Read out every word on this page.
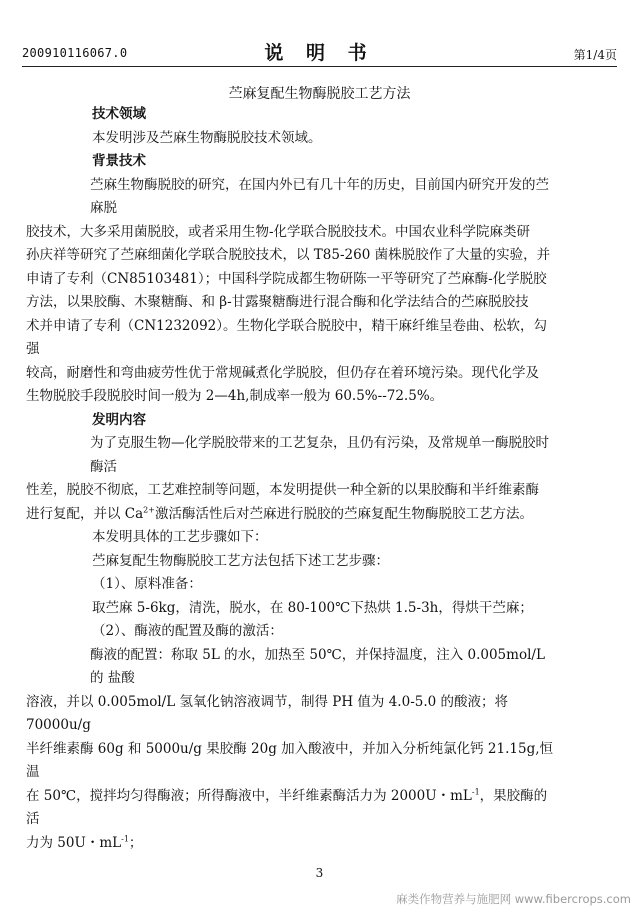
200910116067.0	说 明 书	第1/4页
苎麻复配生物酶脱胶工艺方法

技术领域

本发明涉及苎麻生物酶脱胶技术领域。

背景技术

苎麻生物酶脱胶的研究，在国内外已有几十年的历史，目前国内研究开发的苎麻脱
胶技术，大多采用菌脱胶，或者采用生物-化学联合脱胶技术。中国农业科学院麻类研
孙庆祥等研究了苎麻细菌化学联合脱胶技术，以 T85-260 菌株脱胶作了大量的实验，并
申请了专利（CN85103481）；中国科学院成都生物研陈一平等研究了苎麻酶-化学脱胶
方法，以果胶酶、木聚糖酶、和 β-甘露聚糖酶进行混合酶和化学法结合的苎麻脱胶技
术并申请了专利（CN1232092）。生物化学联合脱胶中，精干麻纤维呈卷曲、松软，勾强
较高，耐磨性和弯曲疲劳性优于常规碱煮化学脱胶，但仍存在着环境污染。现代化学及
生物脱胶手段脱胶时间一般为 2—4h,制成率一般为 60.5%--72.5%。

发明内容

为了克服生物—化学脱胶带来的工艺复杂，且仍有污染，及常规单一酶脱胶时酶活
性差，脱胶不彻底，工艺难控制等问题，本发明提供一种全新的以果胶酶和半纤维素酶
进行复配，并以 $Ca^{2+}$激活酶活性后对苎麻进行脱胶的苎麻复配生物酶脱胶工艺方法。

本发明具体的工艺步骤如下：

苎麻复配生物酶脱胶工艺方法包括下述工艺步骤：

（1）、原料准备：

取苎麻 5-6kg，清洗，脱水，在 80-100℃下热烘 1.5-3h，得烘干苎麻；

（2）、酶液的配置及酶的激活：

酶液的配置：称取 5L 的水，加热至 50℃，并保持温度，注入 0.005mol/L 的 盐酸
溶液，并以 0.005mol/L 氢氧化钠溶液调节，制得 PH 值为 4.0-5.0 的酸液；将 70000u/g
半纤维素酶 60g 和 5000u/g 果胶酶 20g 加入酸液中，并加入分析纯氯化钙 21.15g,恒温
在 50℃，搅拌均匀得酶液；所得酶液中，半纤维素酶活力为 2000U・$mL^{-1}$，果胶酶的活
力为 50U・$mL^{-1}$；
3
麻类作物营养与施肥网 www.fibercrops.com
